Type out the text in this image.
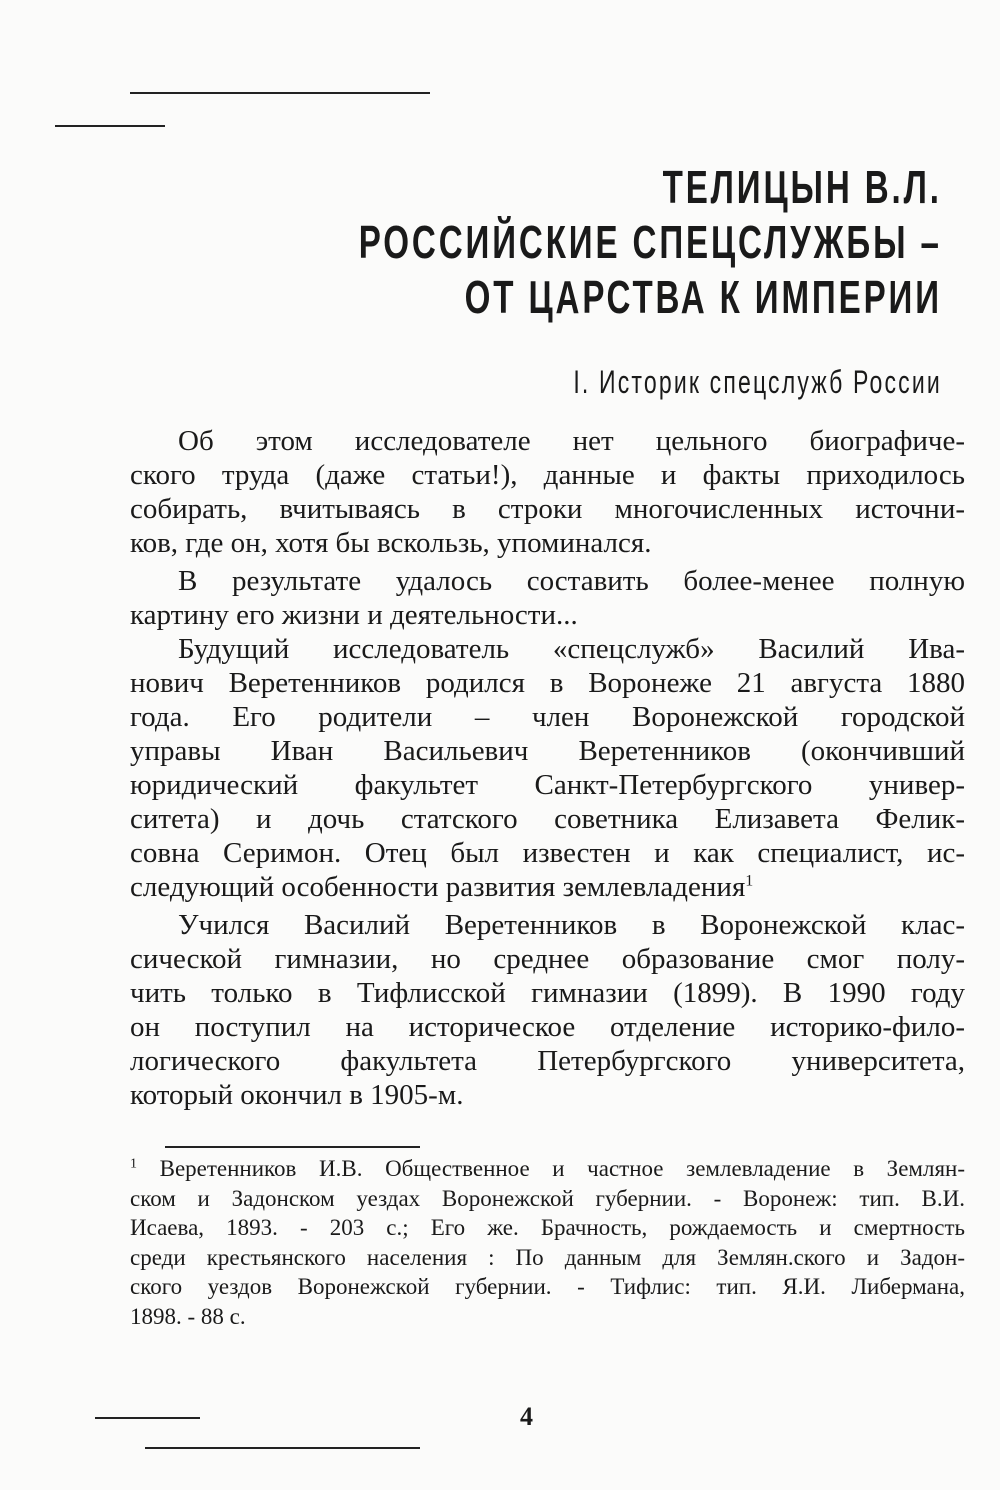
ТЕЛИЦЫН В.Л.
РОССИЙСКИЕ СПЕЦСЛУЖБЫ –
ОТ ЦАРСТВА К ИМПЕРИИ
I. Историк спецслужб России
Об этом исследователе нет цельного биографиче-
ского труда (даже статьи!), данные и факты приходилось
собирать, вчитываясь в строки многочисленных источни-
ков, где он, хотя бы вскользь, упоминался.
В результате удалось составить более-менее полную
картину его жизни и деятельности...
Будущий исследователь «спецслужб» Василий Ива-
нович Веретенников родился в Воронеже 21 августа 1880
года. Его родители – член Воронежской городской
управы Иван Васильевич Веретенников (окончивший
юридический факультет Санкт-Петербургского универ-
ситета) и дочь статского советника Елизавета Фелик-
совна Серимон. Отец был известен и как специалист, ис-
следующий особенности развития землевладения$^1$
Учился Василий Веретенников в Воронежской клас-
сической гимназии, но среднее образование смог полу-
чить только в Тифлисской гимназии (1899). В 1990 году
он поступил на историческое отделение историко-фило-
логического факультета Петербургского университета,
который окончил в 1905-м.
$^1$ Веретенников И.В. Общественное и частное землевладение в Землян-
ском и Задонском уездах Воронежской губернии. - Воронеж: тип. В.И.
Исаева, 1893. - 203 с.; Его же. Брачность, рождаемость и смертность
среди крестьянского населения : По данным для Землян.ского и Задон-
ского уездов Воронежской губернии. - Тифлис: тип. Я.И. Либермана,
1898. - 88 с.
4
